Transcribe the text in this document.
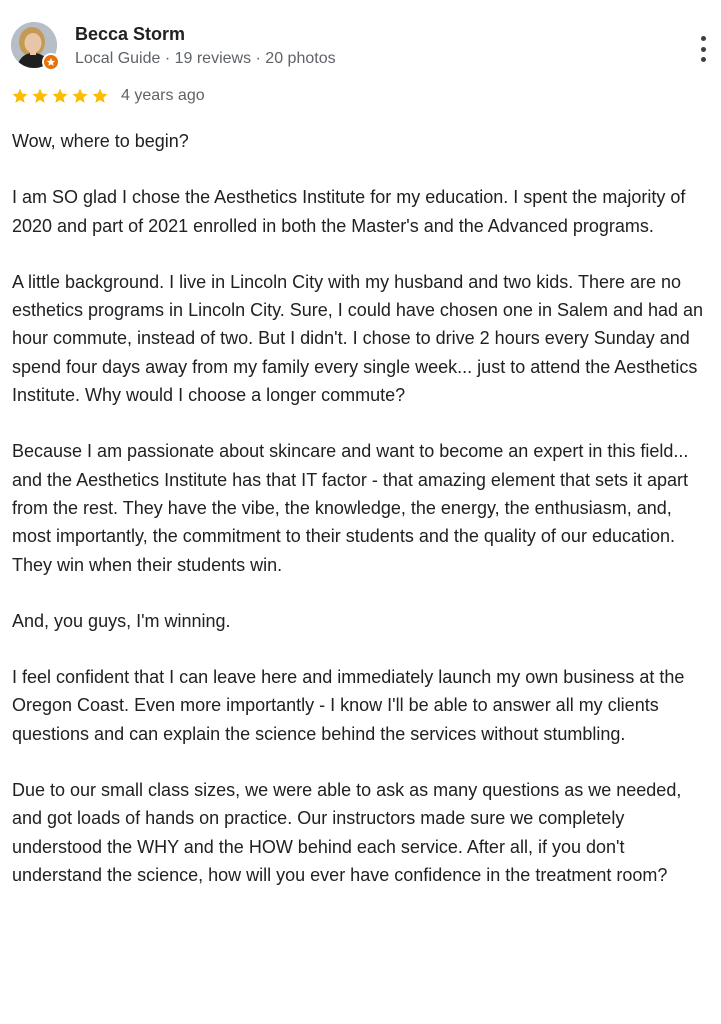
Becca Storm
Local Guide · 19 reviews · 20 photos
4 years ago

Wow, where to begin?

I am SO glad I chose the Aesthetics Institute for my education. I spent the majority of 2020 and part of 2021 enrolled in both the Master's and the Advanced programs.

A little background. I live in Lincoln City with my husband and two kids. There are no esthetics programs in Lincoln City. Sure, I could have chosen one in Salem and had an hour commute, instead of two. But I didn't. I chose to drive 2 hours every Sunday and spend four days away from my family every single week... just to attend the Aesthetics Institute. Why would I choose a longer commute?

Because I am passionate about skincare and want to become an expert in this field... and the Aesthetics Institute has that IT factor - that amazing element that sets it apart from the rest. They have the vibe, the knowledge, the energy, the enthusiasm, and, most importantly, the commitment to their students and the quality of our education. They win when their students win.

And, you guys, I'm winning.

I feel confident that I can leave here and immediately launch my own business at the Oregon Coast. Even more importantly - I know I'll be able to answer all my clients questions and can explain the science behind the services without stumbling.

Due to our small class sizes, we were able to ask as many questions as we needed, and got loads of hands on practice. Our instructors made sure we completely understood the WHY and the HOW behind each service. After all, if you don't understand the science, how will you ever have confidence in the treatment room?
